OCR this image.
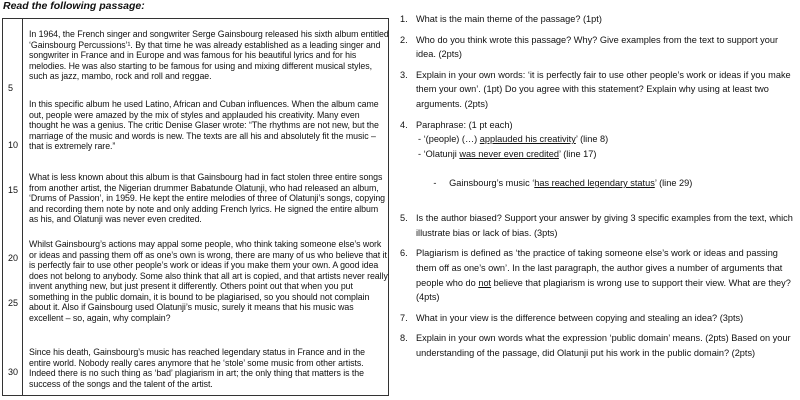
Read the following passage:
5
10
15
20
25
30
In 1964, the French singer and songwriter Serge Gainsbourg released his sixth album entitled ‘Gainsbourg Percussions’¹. By that time he was already established as a leading singer and songwriter in France and in Europe and was famous for his beautiful lyrics and for his melodies. He was also starting to be famous for using and mixing different musical styles, such as jazz, mambo, rock and roll and reggae.
In this specific album he used Latino, African and Cuban influences. When the album came out, people were amazed by the mix of styles and applauded his creativity. Many even thought he was a genius. The critic Denise Glaser wrote: “The rhythms are not new, but the marriage of the music and words is new. The texts are all his and absolutely fit the music – that is extremely rare.”
What is less known about this album is that Gainsbourg had in fact stolen three entire songs from another artist, the Nigerian drummer Babatunde Olatunji, who had released an album, ‘Drums of Passion’, in 1959. He kept the entire melodies of three of Olatunji’s songs, copying and recording them note by note and only adding French lyrics. He signed the entire album as his, and Olatunji was never even credited.
Whilst Gainsbourg’s actions may appal some people, who think taking someone else’s work or ideas and passing them off as one’s own is wrong, there are many of us who believe that it is perfectly fair to use other people’s work or ideas if you make them your own. A good idea does not belong to anybody. Some also think that all art is copied, and that artists never really invent anything new, but just present it differently. Others point out that when you put something in the public domain, it is bound to be plagiarised, so you should not complain about it. Also if Gainsbourg used Olatunji’s music, surely it means that his music was excellent – so, again, why complain?
Since his death, Gainsbourg’s music has reached legendary status in France and in the entire world. Nobody really cares anymore that he ‘stole’ some music from other artists. Indeed there is no such thing as ‘bad’ plagiarism in art; the only thing that matters is the success of the songs and the talent of the artist.
1. What is the main theme of the passage? (1pt)
2. Who do you think wrote this passage? Why? Give examples from the text to support your idea. (2pts)
3. Explain in your own words: ‘it is perfectly fair to use other people’s work or ideas if you make them your own’. (1pt) Do you agree with this statement? Explain why using at least two arguments. (2pts)
4. Paraphrase: (1 pt each)
- ‘(people) (…) applauded his creativity’ (line 8)
- ‘Olatunji was never even credited’ (line 17)

-     Gainsbourg’s music ‘has reached legendary status’ (line 29)

5. Is the author biased? Support your answer by giving 3 specific examples from the text, which illustrate bias or lack of bias. (3pts)
6. Plagiarism is defined as ‘the practice of taking someone else’s work or ideas and passing them off as one’s own’. In the last paragraph, the author gives a number of arguments that people who do not believe that plagiarism is wrong use to support their view. What are they? (4pts)
7. What in your view is the difference between copying and stealing an idea? (3pts)
8. Explain in your own words what the expression ‘public domain’ means. (2pts) Based on your understanding of the passage, did Olatunji put his work in the public domain? (2pts)
